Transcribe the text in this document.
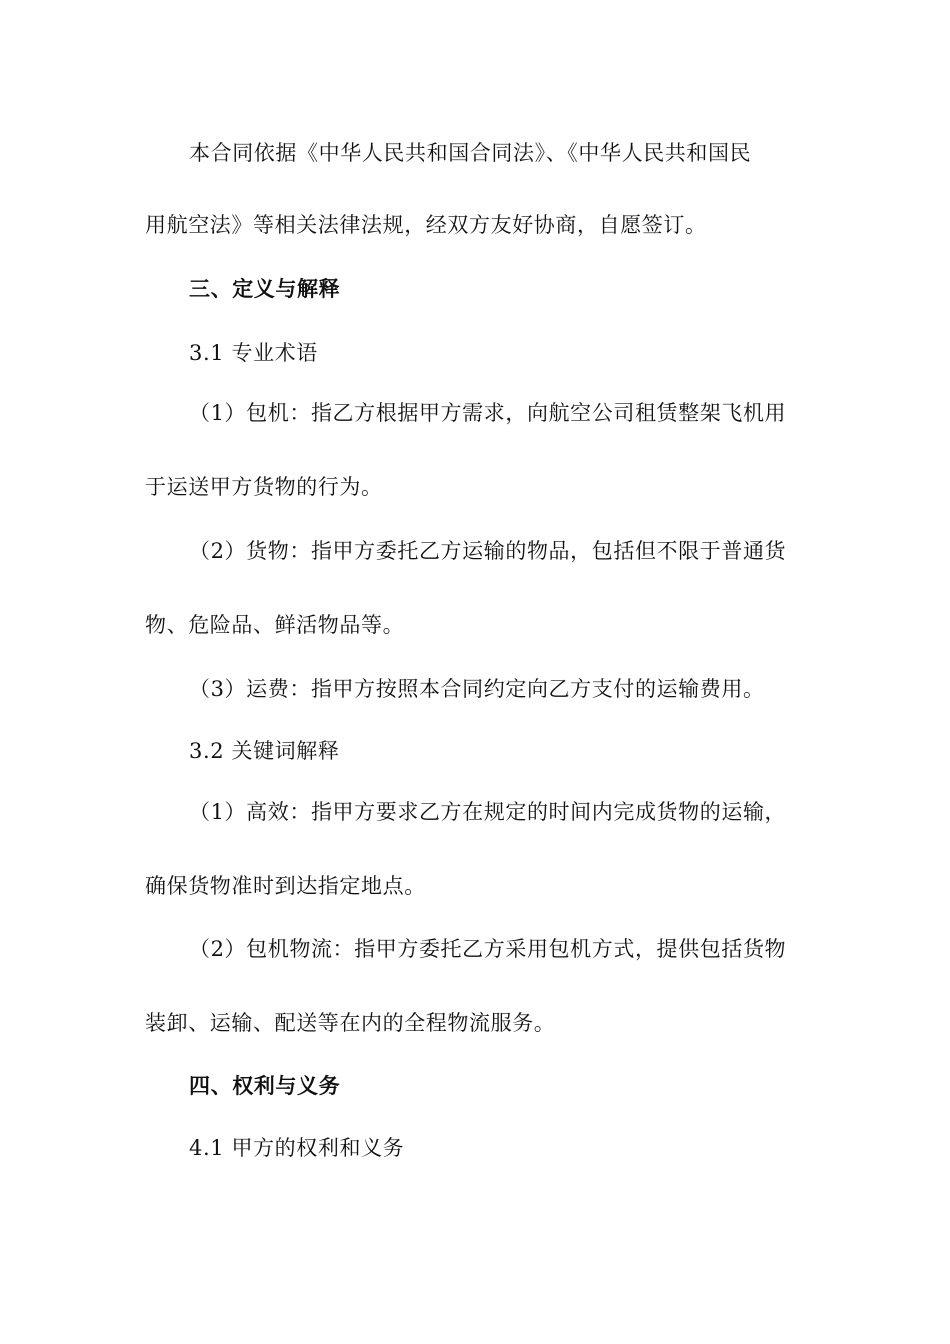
本合同依据《中华人民共和国合同法》、《中华人民共和国民
用航空法》等相关法律法规，经双方友好协商，自愿签订。
三、定义与解释
3.1 专业术语
（1）包机：指乙方根据甲方需求，向航空公司租赁整架飞机用
于运送甲方货物的行为。
（2）货物：指甲方委托乙方运输的物品，包括但不限于普通货
物、危险品、鲜活物品等。
（3）运费：指甲方按照本合同约定向乙方支付的运输费用。
3.2 关键词解释
（1）高效：指甲方要求乙方在规定的时间内完成货物的运输，
确保货物准时到达指定地点。
（2）包机物流：指甲方委托乙方采用包机方式，提供包括货物
装卸、运输、配送等在内的全程物流服务。
四、权利与义务
4.1 甲方的权利和义务
